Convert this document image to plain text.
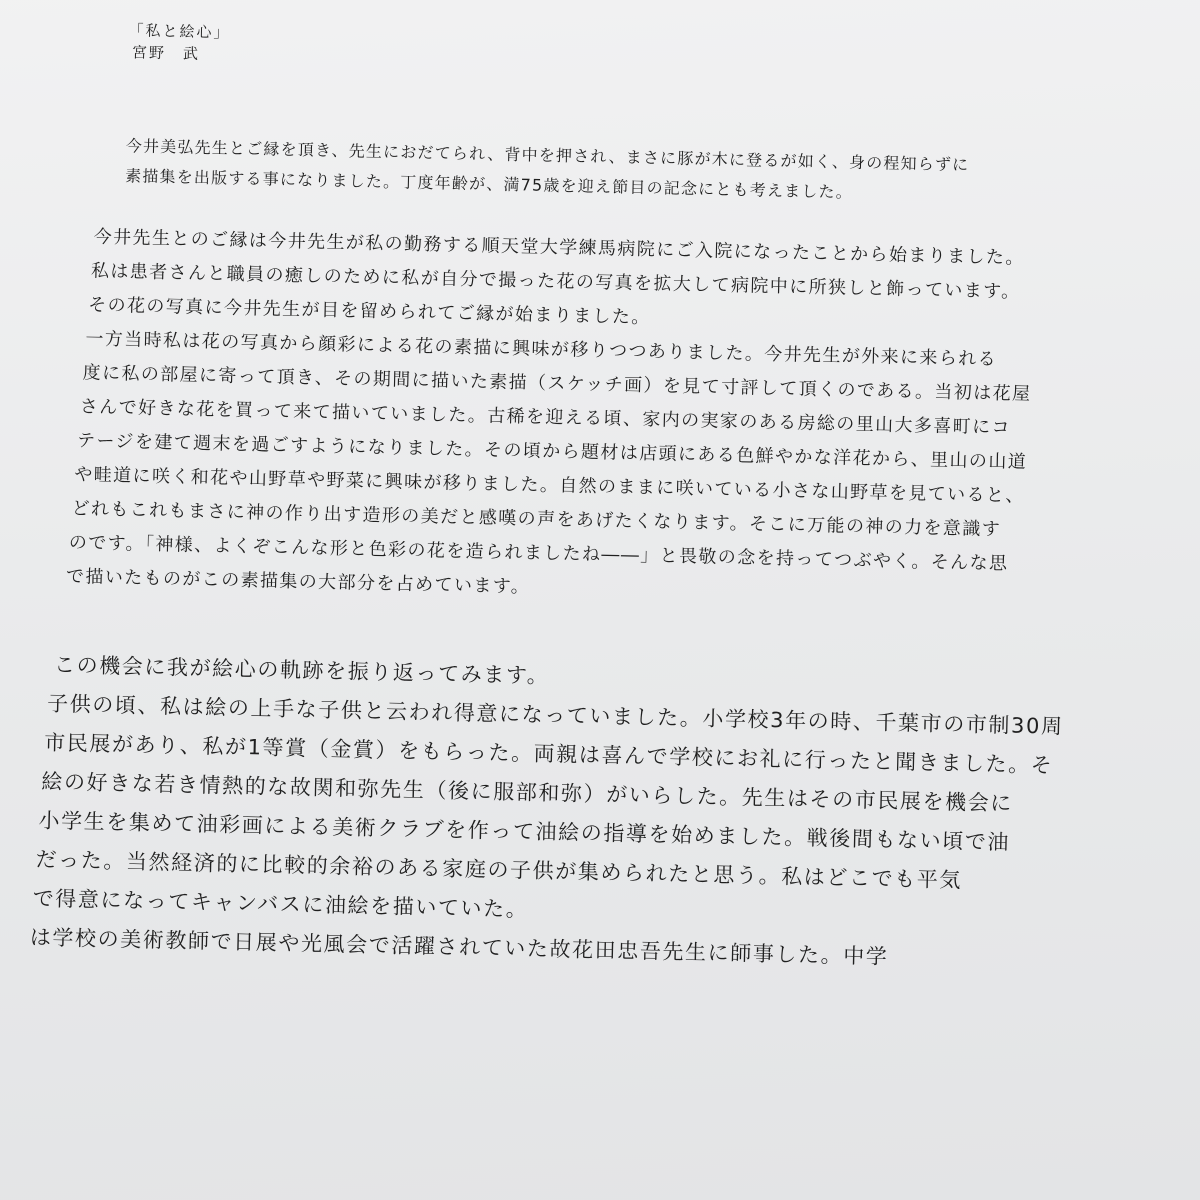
「私と絵心」

宮野　武

今井美弘先生とご縁を頂き、先生におだてられ、背中を押され、まさに豚が木に登るが如く、身の程知らずに

素描集を出版する事になりました。丁度年齢が、満75歳を迎え節目の記念にとも考えました。

今井先生とのご縁は今井先生が私の勤務する順天堂大学練馬病院にご入院になったことから始まりました。

私は患者さんと職員の癒しのために私が自分で撮った花の写真を拡大して病院中に所狭しと飾っています。

その花の写真に今井先生が目を留められてご縁が始まりました。

一方当時私は花の写真から顔彩による花の素描に興味が移りつつありました。今井先生が外来に来られる

度に私の部屋に寄って頂き、その期間に描いた素描（スケッチ画）を見て寸評して頂くのである。当初は花屋

さんで好きな花を買って来て描いていました。古稀を迎える頃、家内の実家のある房総の里山大多喜町にコ

テージを建て週末を過ごすようになりました。その頃から題材は店頭にある色鮮やかな洋花から、里山の山道

や畦道に咲く和花や山野草や野菜に興味が移りました。自然のままに咲いている小さな山野草を見ていると、

どれもこれもまさに神の作り出す造形の美だと感嘆の声をあげたくなります。そこに万能の神の力を意識す

のです。「神様、よくぞこんな形と色彩の花を造られましたね――」と畏敬の念を持ってつぶやく。そんな思

で描いたものがこの素描集の大部分を占めています。

この機会に我が絵心の軌跡を振り返ってみます。

子供の頃、私は絵の上手な子供と云われ得意になっていました。小学校3年の時、千葉市の市制30周

市民展があり、私が1等賞（金賞）をもらった。両親は喜んで学校にお礼に行ったと聞きました。そ

絵の好きな若き情熱的な故関和弥先生（後に服部和弥）がいらした。先生はその市民展を機会に

小学生を集めて油彩画による美術クラブを作って油絵の指導を始めました。戦後間もない頃で油

だった。当然経済的に比較的余裕のある家庭の子供が集められたと思う。私はどこでも平気

で得意になってキャンバスに油絵を描いていた。

は学校の美術教師で日展や光風会で活躍されていた故花田忠吾先生に師事した。中学
